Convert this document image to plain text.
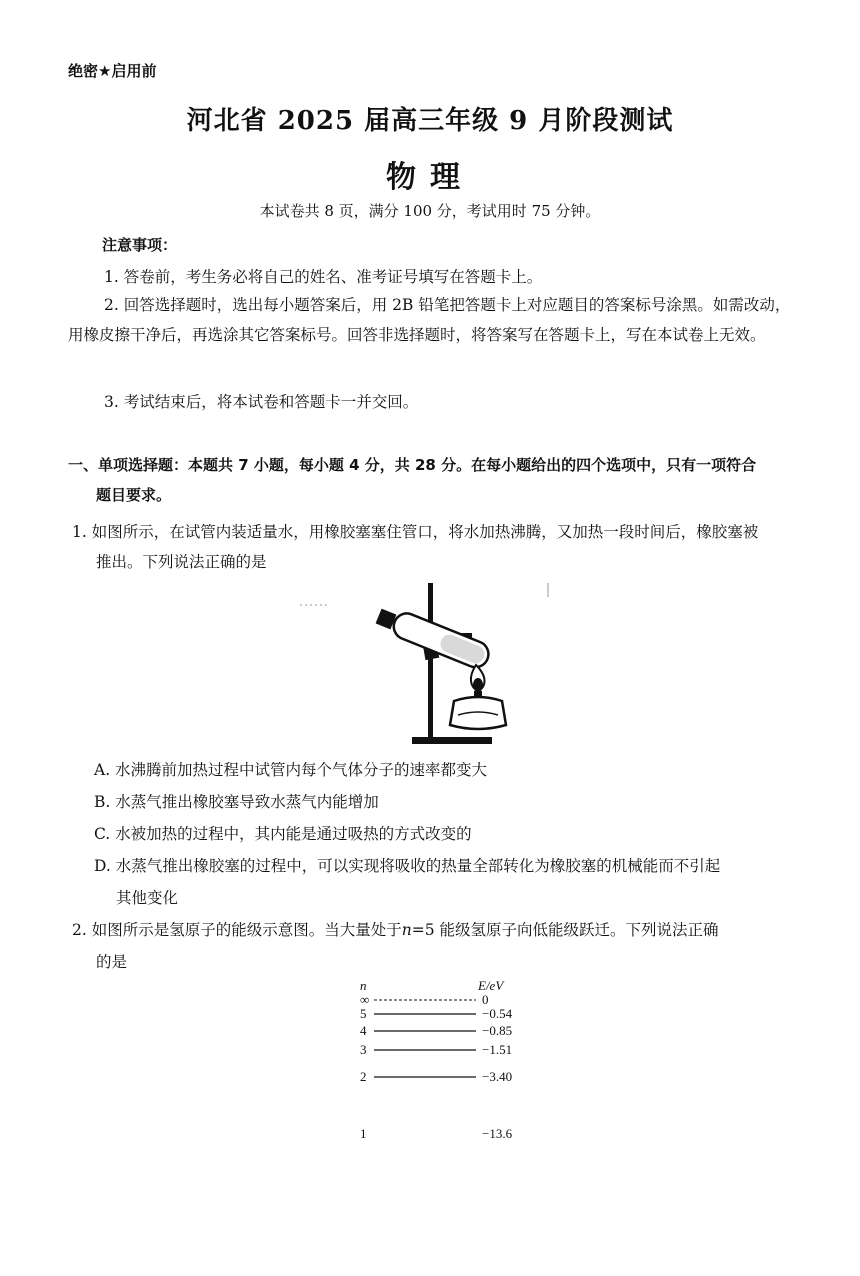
绝密★启用前
河北省 2025 届高三年级 9 月阶段测试
物理
本试卷共 8 页，满分 100 分，考试用时 75 分钟。
注意事项：
1. 答卷前，考生务必将自己的姓名、准考证号填写在答题卡上。
2. 回答选择题时，选出每小题答案后，用 2B 铅笔把答题卡上对应题目的答案标号涂黑。如需改动，用橡皮擦干净后，再选涂其它答案标号。回答非选择题时，将答案写在答题卡上，写在本试卷上无效。
3. 考试结束后，将本试卷和答题卡一并交回。
一、单项选择题：本题共 7 小题，每小题 4 分，共 28 分。在每小题给出的四个选项中，只有一项符合
题目要求。
1. 如图所示，在试管内装适量水，用橡胶塞塞住管口，将水加热沸腾，又加热一段时间后，橡胶塞被
推出。下列说法正确的是
A. 水沸腾前加热过程中试管内每个气体分子的速率都变大
B. 水蒸气推出橡胶塞导致水蒸气内能增加
C. 水被加热的过程中，其内能是通过吸热的方式改变的
D. 水蒸气推出橡胶塞的过程中，可以实现将吸收的热量全部转化为橡胶塞的机械能而不引起
其他变化
2. 如图所示是氢原子的能级示意图。当大量处于n=5 能级氢原子向低能级跃迁。下列说法正确
的是
n	E/eV
∞	0
5	−0.54
4	−0.85
3	−1.51
2	−3.40
1	−13.6
